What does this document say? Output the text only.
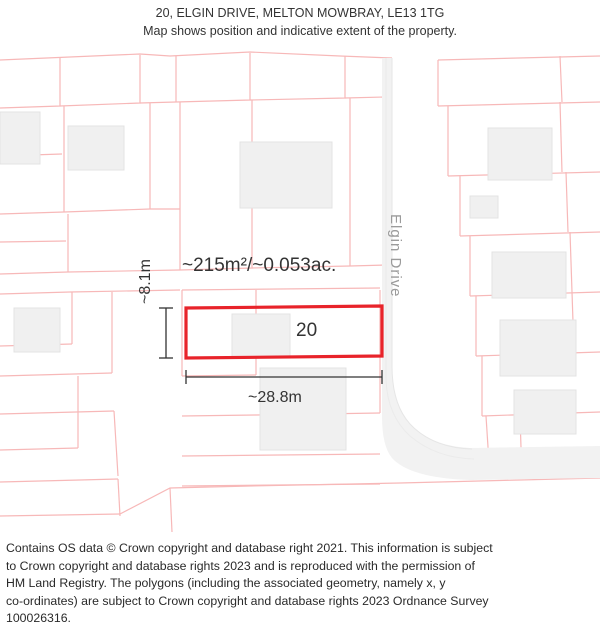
20, ELGIN DRIVE, MELTON MOWBRAY, LE13 1TG
Map shows position and indicative extent of the property.
~215m²/~0.053ac.
20
~28.8m
~8.1m	Elgin Drive

Contains OS data © Crown copyright and database right 2021. This information is subject

to Crown copyright and database rights 2023 and is reproduced with the permission of

HM Land Registry. The polygons (including the associated geometry, namely x, y

co-ordinates) are subject to Crown copyright and database rights 2023 Ordnance Survey

100026316.
